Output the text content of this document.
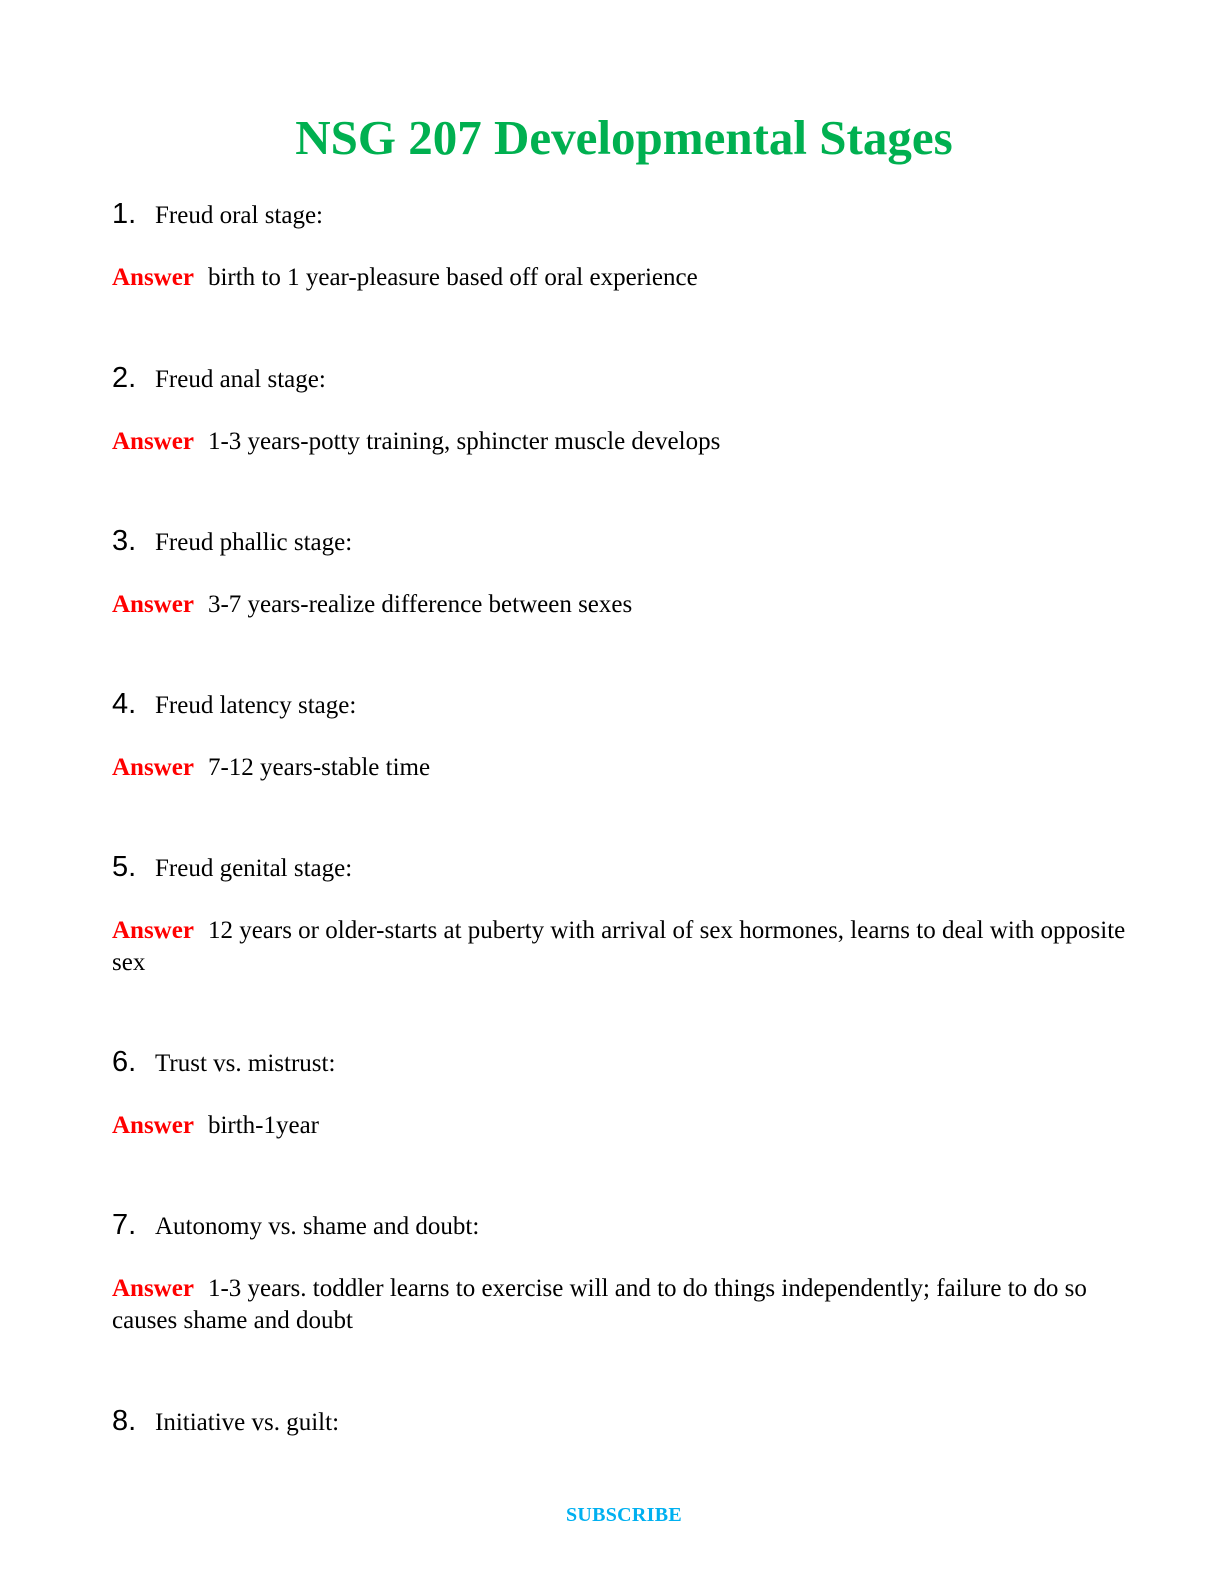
NSG 207 Developmental Stages
1. Freud oral stage:
Answer birth to 1 year-pleasure based off oral experience
2. Freud anal stage:
Answer 1-3 years-potty training, sphincter muscle develops
3. Freud phallic stage:
Answer 3-7 years-realize difference between sexes
4. Freud latency stage:
Answer 7-12 years-stable time
5. Freud genital stage:
Answer 12 years or older-starts at puberty with arrival of sex hormones, learns to deal with opposite sex
6. Trust vs. mistrust:
Answer birth-1year
7. Autonomy vs. shame and doubt:
Answer 1-3 years. toddler learns to exercise will and to do things independently; failure to do so causes shame and doubt
8. Initiative vs. guilt:
SUBSCRIBE
